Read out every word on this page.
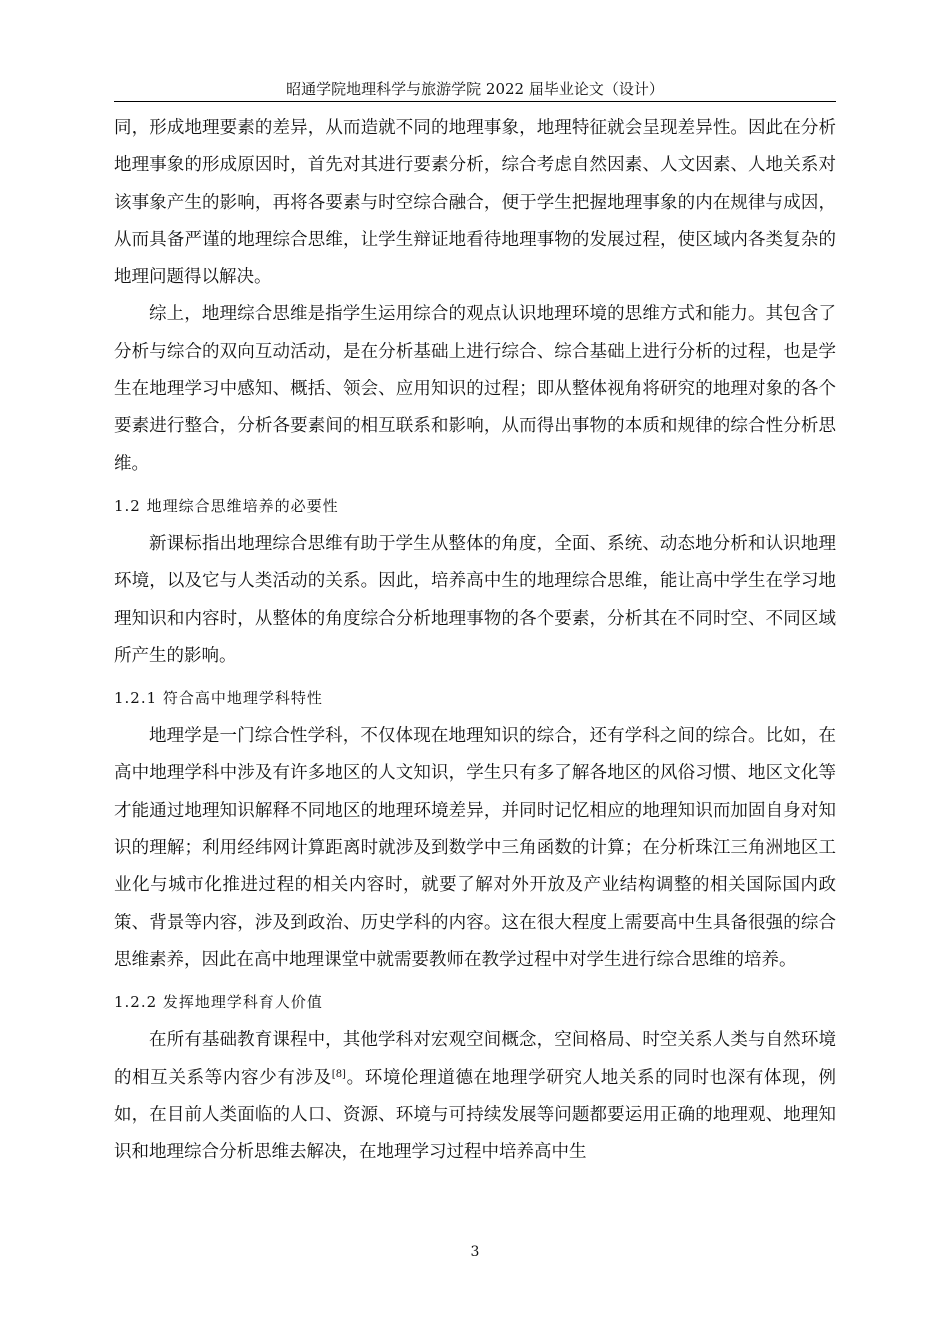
昭通学院地理科学与旅游学院 2022 届毕业论文（设计）

同，形成地理要素的差异，从而造就不同的地理事象，地理特征就会呈现差异性。因此在分析地理事象的形成原因时，首先对其进行要素分析，综合考虑自然因素、人文因素、人地关系对该事象产生的影响，再将各要素与时空综合融合，便于学生把握地理事象的内在规律与成因，从而具备严谨的地理综合思维，让学生辩证地看待地理事物的发展过程，使区域内各类复杂的地理问题得以解决。

综上，地理综合思维是指学生运用综合的观点认识地理环境的思维方式和能力。其包含了分析与综合的双向互动活动，是在分析基础上进行综合、综合基础上进行分析的过程，也是学生在地理学习中感知、概括、领会、应用知识的过程；即从整体视角将研究的地理对象的各个要素进行整合，分析各要素间的相互联系和影响，从而得出事物的本质和规律的综合性分析思维。

1.2 地理综合思维培养的必要性

新课标指出地理综合思维有助于学生从整体的角度，全面、系统、动态地分析和认识地理环境，以及它与人类活动的关系。因此，培养高中生的地理综合思维，能让高中学生在学习地理知识和内容时，从整体的角度综合分析地理事物的各个要素，分析其在不同时空、不同区域所产生的影响。

1.2.1 符合高中地理学科特性

地理学是一门综合性学科，不仅体现在地理知识的综合，还有学科之间的综合。比如，在高中地理学科中涉及有许多地区的人文知识，学生只有多了解各地区的风俗习惯、地区文化等才能通过地理知识解释不同地区的地理环境差异，并同时记忆相应的地理知识而加固自身对知识的理解；利用经纬网计算距离时就涉及到数学中三角函数的计算；在分析珠江三角洲地区工业化与城市化推进过程的相关内容时，就要了解对外开放及产业结构调整的相关国际国内政策、背景等内容，涉及到政治、历史学科的内容。这在很大程度上需要高中生具备很强的综合思维素养，因此在高中地理课堂中就需要教师在教学过程中对学生进行综合思维的培养。

1.2.2 发挥地理学科育人价值

在所有基础教育课程中，其他学科对宏观空间概念，空间格局、时空关系人类与自然环境的相互关系等内容少有涉及[8]。环境伦理道德在地理学研究人地关系的同时也深有体现，例如，在目前人类面临的人口、资源、环境与可持续发展等问题都要运用正确的地理观、地理知识和地理综合分析思维去解决，在地理学习过程中培养高中生

3
